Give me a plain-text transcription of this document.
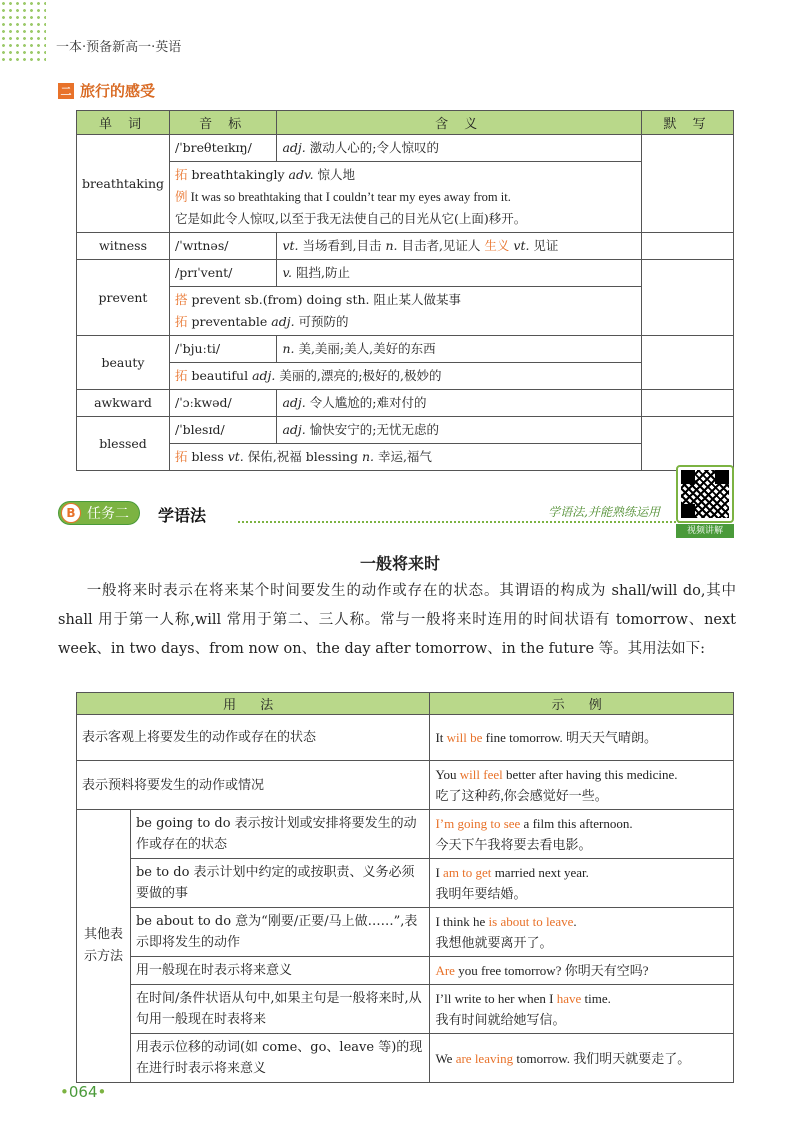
一本·预备新高一·英语
二 旅行的感受
单 词	音 标	含 义	默 写
breathtaking	/ˈbreθteɪkɪŋ/	adj. 激动人心的;令人惊叹的	

	拓 breathtakingly adv. 惊人地
例 It was so breathtaking that I couldn’t tear my eyes away from it.
它是如此令人惊叹,以至于我无法使自己的目光从它(上面)移开。		

witness	/ˈwɪtnəs/	vt. 当场看到,目击 n. 目击者,见证人 生义 vt. 见证	
prevent	/prɪˈvent/	v. 阻挡,防止	

	搭 prevent sb.(from) doing sth. 阻止某人做某事
拓 preventable adj. 可预防的		

beauty	/ˈbjuːti/	n. 美,美丽;美人,美好的东西	
	拓 beautiful adj. 美丽的,漂亮的;极好的,极妙的		
awkward	/ˈɔːkwəd/	adj. 令人尴尬的;难对付的	
blessed	/ˈblesɪd/	adj. 愉快安宁的;无忧无虑的	
	拓 bless vt. 保佑,祝福 blessing n. 幸运,福气		
视频讲解
B 任务二 学语法	学语法,并能熟练运用
一般将来时

一般将来时表示在将来某个时间要发生的动作或存在的状态。其谓语的构成为 shall/will do,其中 shall 用于第一人称,will 常用于第二、三人称。常与一般将来时连用的时间状语有 tomorrow、next week、in two days、from now on、the day after tomorrow、in the future 等。其用法如下:

用 法		示 例
表示客观上将要发生的动作或存在的状态		It will be fine tomorrow. 明天天气晴朗。
表示预料将要发生的动作或情况		You will feel better after having this medicine.
吃了这种药,你会感觉好一些。

其他表示方法	be going to do 表示按计划或安排将要发生的动作或存在的状态	I’m going to see a film this afternoon.
今天下午我将要去看电影。

	be to do 表示计划中约定的或按职责、义务必须要做的事	I am to get married next year.
我明年要结婚。

	be about to do 意为“刚要/正要/马上做……”,表示即将发生的动作	I think he is about to leave.
我想他就要离开了。

	用一般现在时表示将来意义	Are you free tomorrow? 你明天有空吗?
	在时间/条件状语从句中,如果主句是一般将来时,从句用一般现在时表将来	I’ll write to her when I have time.
我有时间就给她写信。

	用表示位移的动词(如 come、go、leave 等)的现在进行时表示将来意义	We are leaving tomorrow. 我们明天就要走了。
• 064 •
